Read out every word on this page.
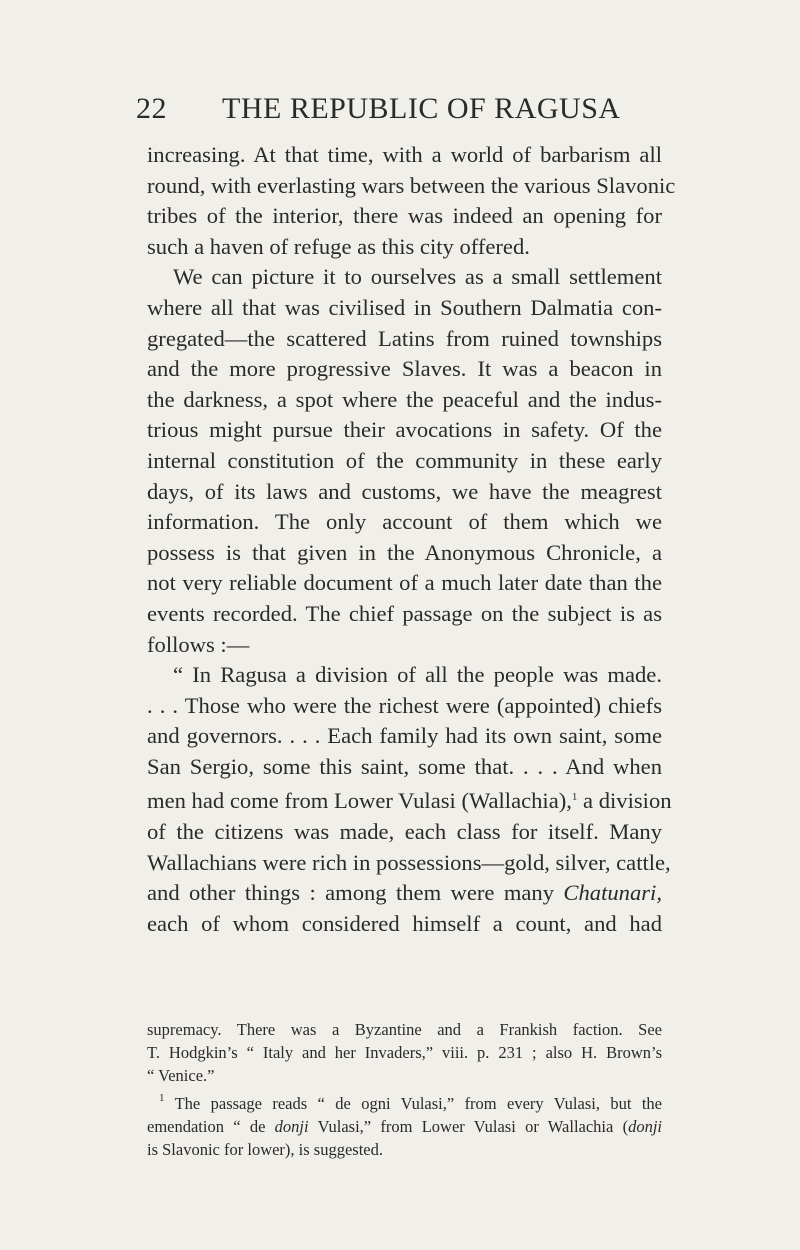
22 THE REPUBLIC OF RAGUSA
increasing. At that time, with a world of barbarism all
round, with everlasting wars between the various Slavonic
tribes of the interior, there was indeed an opening for
such a haven of refuge as this city offered.
We can picture it to ourselves as a small settlement
where all that was civilised in Southern Dalmatia con-
gregated—the scattered Latins from ruined townships
and the more progressive Slaves. It was a beacon in
the darkness, a spot where the peaceful and the indus-
trious might pursue their avocations in safety. Of the
internal constitution of the community in these early
days, of its laws and customs, we have the meagrest
information. The only account of them which we
possess is that given in the Anonymous Chronicle, a
not very reliable document of a much later date than the
events recorded. The chief passage on the subject is as
follows :—
“ In Ragusa a division of all the people was made.
. . . Those who were the richest were (appointed) chiefs
and governors. . . . Each family had its own saint, some
San Sergio, some this saint, some that. . . . And when
men had come from Lower Vulasi (Wallachia),$^1$ a division
of the citizens was made, each class for itself. Many
Wallachians were rich in possessions—gold, silver, cattle,
and other things : among them were many Chatunari,
each of whom considered himself a count, and had
supremacy. There was a Byzantine and a Frankish faction. See
T. Hodgkin’s “ Italy and her Invaders,” viii. p. 231 ; also H. Brown’s
“ Venice.”
$^1$ The passage reads “ de ogni Vulasi,” from every Vulasi, but the
emendation “ de donji Vulasi,” from Lower Vulasi or Wallachia (donji
is Slavonic for lower), is suggested.
